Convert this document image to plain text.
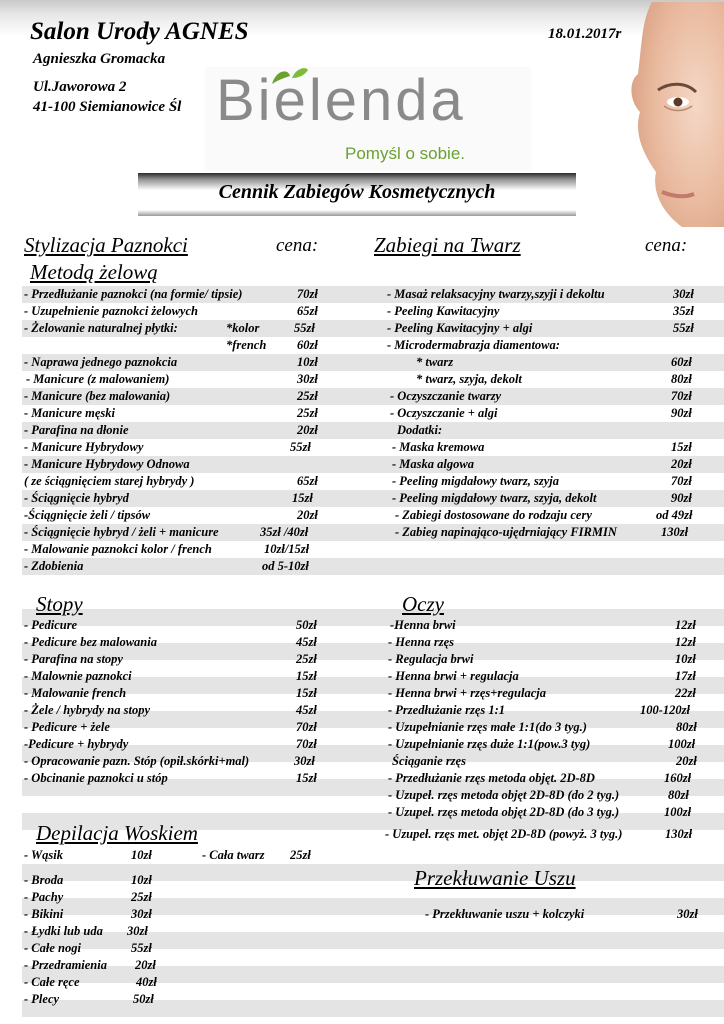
Salon Urody AGNES	18.01.2017r
Agnieszka Gromacka
Ul.Jaworowa 2
41-100 Siemianowice Śl Bielenda
Pomyśl o sobie.
Cennik Zabiegów Kosmetycznych
Stylizacja Paznokci	cena:	Zabiegi na Twarz	cena:
Metodą żelową
Stopy	Oczy
Depilacja Woskiem
Przekłuwanie Uszu
- Przedłużanie paznokci (na formie/ tipsie)	70zł
- Uzupełnienie paznokci żelowych	65zł
- Żelowanie naturalnej płytki:	*kolor	55zł
*french 60zł
- Naprawa jednego paznokcia	10zł
- Manicure (z malowaniem)	30zł
- Manicure (bez malowania)	25zł
- Manicure męski	25zł
- Parafina na dłonie	20zł
- Manicure Hybrydowy	55zł
- Manicure Hybrydowy Odnowa
( ze ściągnięciem starej hybrydy )	65zł
- Ściągnięcie hybryd	15zł
-Ściągnięcie żeli / tipsów	20zł
- Ściągnięcie hybryd / żeli + manicure	35zł /40zł
- Malowanie paznokci kolor / french	10zł/15zł
- Zdobienia	od 5-10zł
- Masaż relaksacyjny twarzy,szyji i dekoltu	30zł
- Peeling Kawitacyjny	35zł
- Peeling Kawitacyjny + algi	55zł
- Microdermabrazja diamentowa:
* twarz	60zł
* twarz, szyja, dekolt	80zł
- Oczyszczanie twarzy	70zł
- Oczyszczanie + algi	90zł
Dodatki:
- Maska kremowa	15zł
- Maska algowa	20zł
- Peeling migdałowy twarz, szyja	70zł
- Peeling migdałowy twarz, szyja, dekolt	90zł
- Zabiegi dostosowane do rodzaju cery	od 49zł
- Zabieg napinająco-ujędrniający FIRMIN	130zł
- Pedicure	50zł
- Pedicure bez malowania	45zł
- Parafina na stopy	25zł
- Malownie paznokci	15zł
- Malowanie french	15zł
- Żele / hybrydy na stopy	45zł
- Pedicure + żele	70zł
-Pedicure + hybrydy	70zł
- Opracowanie pazn. Stóp (opił.skórki+mal)	30zł
- Obcinanie paznokci u stóp	15zł
-Henna brwi	12zł
- Henna rzęs	12zł
- Regulacja brwi	10zł
- Henna brwi + regulacja	17zł
- Henna brwi + rzęs+regulacja	22zł
- Przedłużanie rzęs 1:1	100-120zł
- Uzupełnianie rzęs małe 1:1(do 3 tyg.)	80zł
- Uzupełnianie rzęs duże 1:1(pow.3 tyg)	100zł
Ściąganie rzęs	20zł
- Przedłużanie rzęs metoda objęt. 2D-8D	160zł
- Uzupeł. rzęs metoda objęt 2D-8D (do 2 tyg.)	80zł
- Uzupeł. rzęs metoda objęt 2D-8D (do 3 tyg.)	100zł
- Uzupeł. rzęs met. objęt 2D-8D (powyż. 3 tyg.)	130zł
- Wąsik	10zł
- Broda	10zł
- Pachy	25zł
- Bikini	30zł
- Łydki lub uda 30zł
- Całe nogi	55zł
- Przedramienia 20zł
- Całe ręce	40zł
- Plecy	50zł
- Cała twarz 25zł
- Przekłuwanie uszu + kolczyki	30zł
